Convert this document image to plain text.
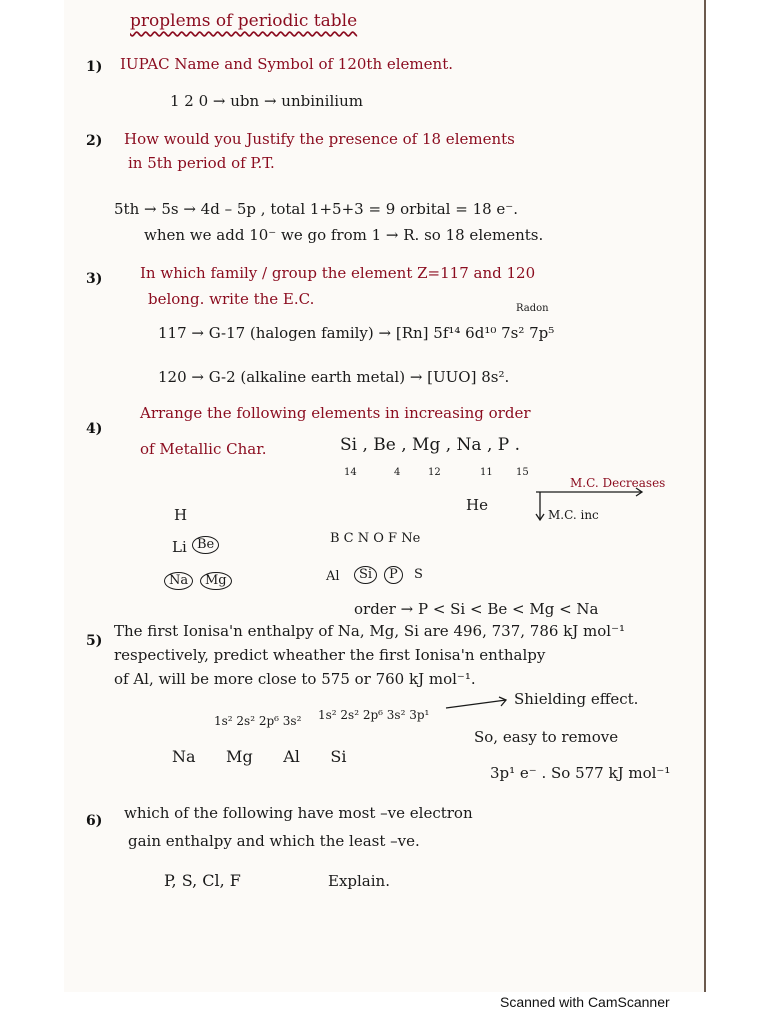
proplems of periodic table
1) IUPAC Name and Symbol of 120th element.
1 2 0 → ubn → unbinilium
2) How would you Justify the presence of 18 elements
in 5th period of P.T.
5th → 5s → 4d – 5p , total 1+5+3 = 9 orbital = 18 e⁻.
when we add 10⁻ we go from 1 → R. so 18 elements.
3)	In which family / group the element Z=117 and 120
belong. write the E.C.
Radon
117 → G-17 (halogen family) → [Rn] 5f¹⁴ 6d¹⁰ 7s² 7p⁵
120 → G-2 (alkaline earth metal) → [UUO] 8s².
4)
Arrange the following elements in increasing order
of Metallic Char.	Si , Be , Mg , Na , P .
14	4	12	11 15
M.C. Decreases
M.C. inc
H
He
Li Be	B C N O F Ne
Na	Mg	Al	Si	P	S
order → P < Si < Be < Mg < Na
5)
The first Ionisa'n enthalpy of Na, Mg, Si are 496, 737, 786 kJ mol⁻¹
respectively, predict wheather the first Ionisa'n enthalpy
of Al, will be more close to 575 or 760 kJ mol⁻¹.
1s² 2s² 2p⁶ 3s² 1s² 2s² 2p⁶ 3s² 3p¹
Shielding effect.
Na      Mg      Al      Si
So, easy to remove
3p¹ e⁻ . So 577 kJ mol⁻¹
6) which of the following have most –ve electron
gain enthalpy and which the least –ve.
P, S, Cl, F	Explain.
Scanned with CamScanner
